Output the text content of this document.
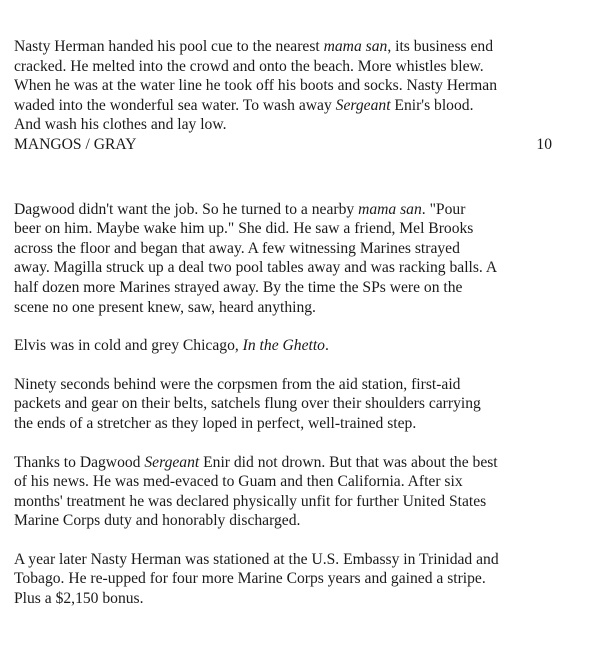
Nasty Herman handed his pool cue to the nearest mama san, its business end
cracked. He melted into the crowd and onto the beach. More whistles blew.
When he was at the water line he took off his boots and socks. Nasty Herman
waded into the wonderful sea water. To wash away Sergeant Enir's blood.
And wash his clothes and lay low.

MANGOS / GRAY	10

Dagwood didn't want the job. So he turned to a nearby mama san. "Pour
beer on him. Maybe wake him up." She did. He saw a friend, Mel Brooks
across the floor and began that away. A few witnessing Marines strayed
away. Magilla struck up a deal two pool tables away and was racking balls. A
half dozen more Marines strayed away. By the time the SPs were on the
scene no one present knew, saw, heard anything.

Elvis was in cold and grey Chicago, In the Ghetto.

Ninety seconds behind were the corpsmen from the aid station, first-aid
packets and gear on their belts, satchels flung over their shoulders carrying
the ends of a stretcher as they loped in perfect, well-trained step.

Thanks to Dagwood Sergeant Enir did not drown. But that was about the best
of his news. He was med-evaced to Guam and then California. After six
months' treatment he was declared physically unfit for further United States
Marine Corps duty and honorably discharged.

A year later Nasty Herman was stationed at the U.S. Embassy in Trinidad and
Tobago. He re-upped for four more Marine Corps years and gained a stripe.
Plus a $2,150 bonus.
